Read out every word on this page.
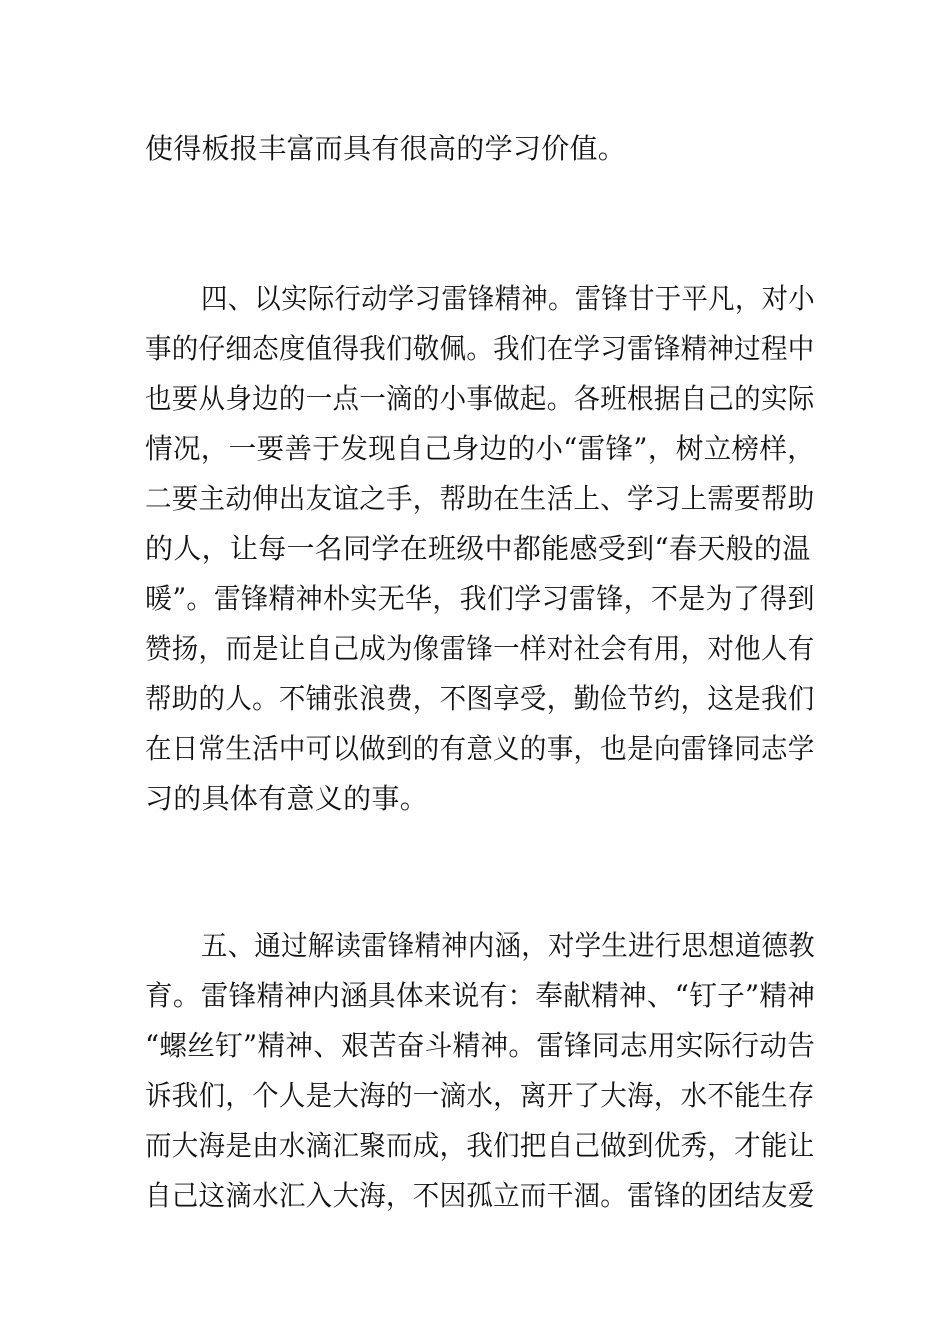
使得板报丰富而具有很高的学习价值。
四、以实际行动学习雷锋精神。雷锋甘于平凡，对小
事的仔细态度值得我们敬佩。我们在学习雷锋精神过程中
也要从身边的一点一滴的小事做起。各班根据自己的实际
情况，一要善于发现自己身边的小“雷锋”，树立榜样，
二要主动伸出友谊之手，帮助在生活上、学习上需要帮助
的人，让每一名同学在班级中都能感受到“春天般的温
暖”。雷锋精神朴实无华，我们学习雷锋，不是为了得到
赞扬，而是让自己成为像雷锋一样对社会有用，对他人有
帮助的人。不铺张浪费，不图享受，勤俭节约，这是我们
在日常生活中可以做到的有意义的事，也是向雷锋同志学
习的具体有意义的事。
五、通过解读雷锋精神内涵，对学生进行思想道德教
育。雷锋精神内涵具体来说有：奉献精神、“钉子”精神
“螺丝钉”精神、艰苦奋斗精神。雷锋同志用实际行动告
诉我们，个人是大海的一滴水，离开了大海，水不能生存
而大海是由水滴汇聚而成，我们把自己做到优秀，才能让
自己这滴水汇入大海，不因孤立而干涸。雷锋的团结友爱
